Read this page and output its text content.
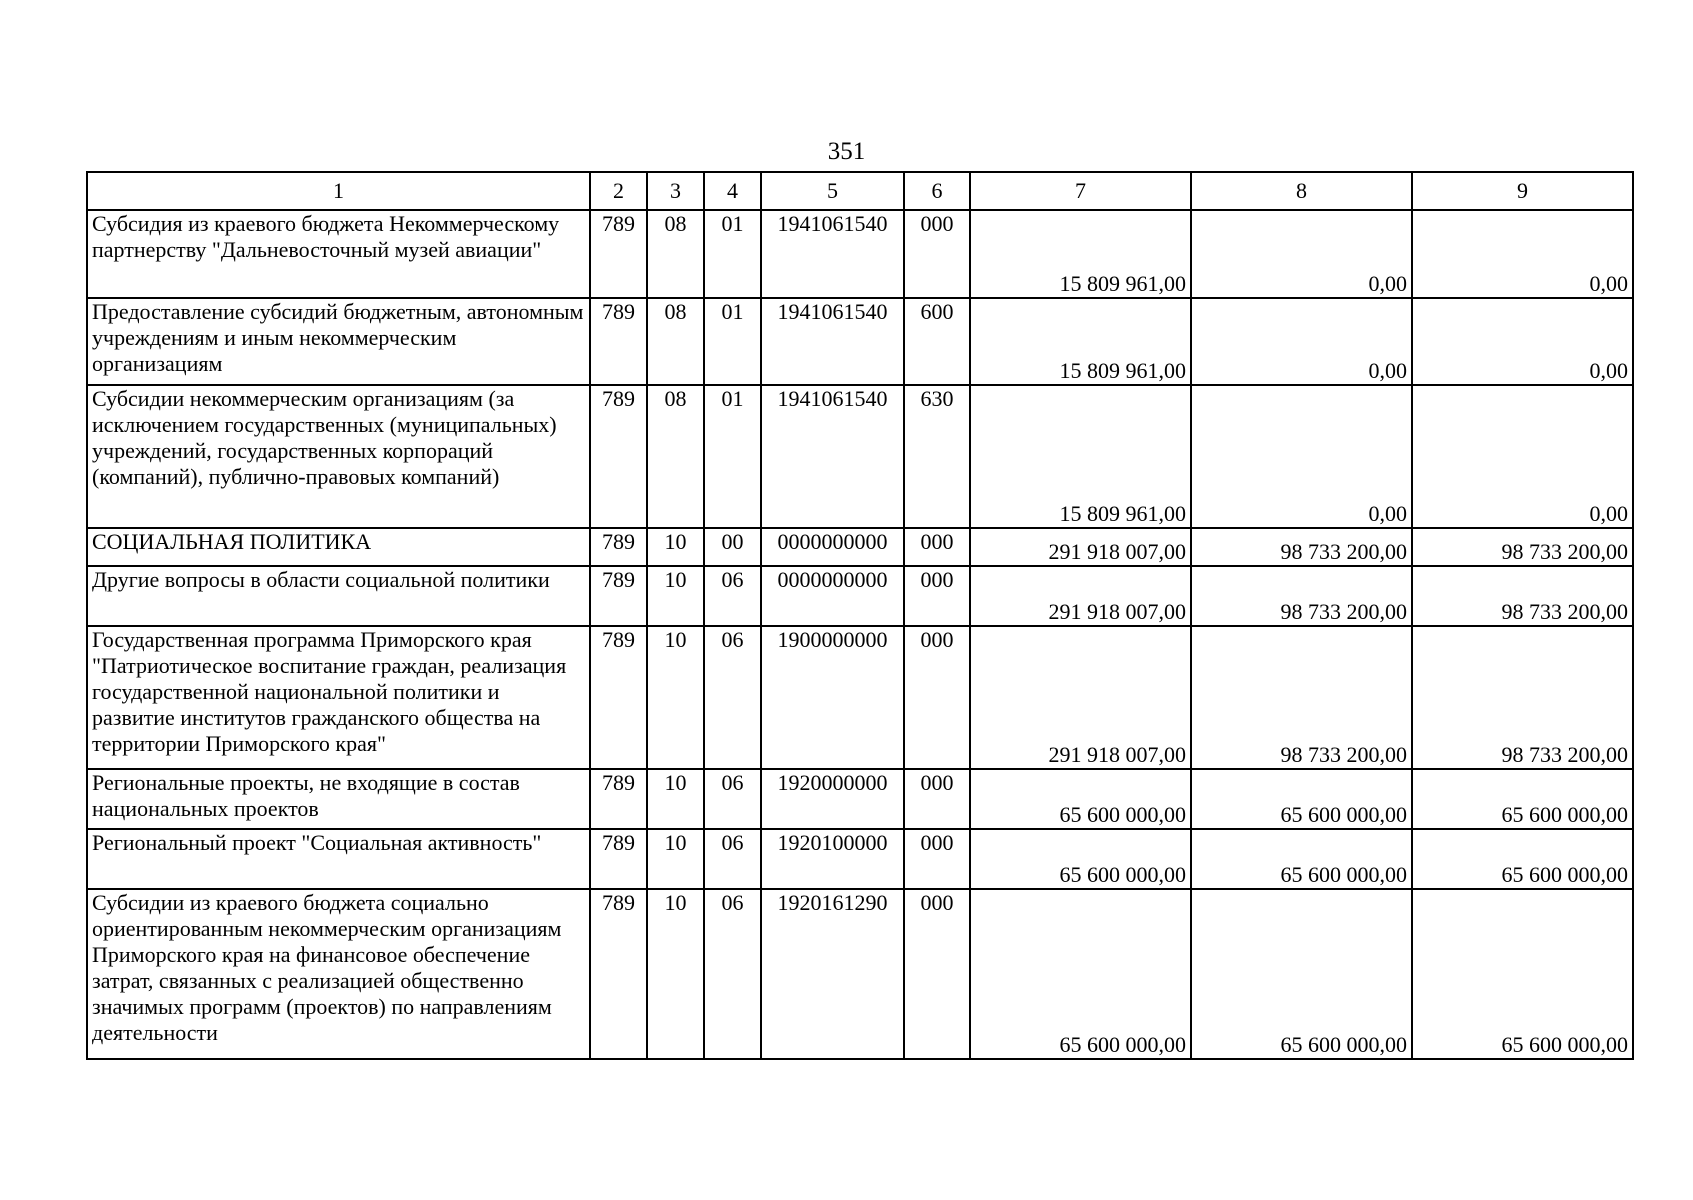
351
1	2	3	4	5	6	7	8	9
Субсидия из краевого бюджета Некоммерческому партнерству "Дальневосточный музей авиации"	789	08	01	1941061540	000	15 809 961,00	0,00	0,00
Предоставление субсидий бюджетным, автономным учреждениям и иным некоммерческим организациям	789	08	01	1941061540	600	15 809 961,00	0,00	0,00
Субсидии некоммерческим организациям (за исключением государственных (муниципальных) учреждений, государственных корпораций (компаний), публично-правовых компаний)	789	08	01	1941061540	630	15 809 961,00	0,00	0,00
СОЦИАЛЬНАЯ ПОЛИТИКА	789	10	00	0000000000	000	291 918 007,00	98 733 200,00	98 733 200,00
Другие вопросы в области социальной политики	789	10	06	0000000000	000	291 918 007,00	98 733 200,00	98 733 200,00
Государственная программа Приморского края "Патриотическое воспитание граждан, реализация государственной национальной политики и развитие институтов гражданского общества на территории Приморского края"	789	10	06	1900000000	000	291 918 007,00	98 733 200,00	98 733 200,00
Региональные проекты, не входящие в состав национальных проектов	789	10	06	1920000000	000	65 600 000,00	65 600 000,00	65 600 000,00
Региональный проект "Социальная активность"	789	10	06	1920100000	000	65 600 000,00	65 600 000,00	65 600 000,00
Субсидии из краевого бюджета социально ориентированным некоммерческим организациям Приморского края на финансовое обеспечение затрат, связанных с реализацией общественно значимых программ (проектов) по направлениям деятельности	789	10	06	1920161290	000	65 600 000,00	65 600 000,00	65 600 000,00
